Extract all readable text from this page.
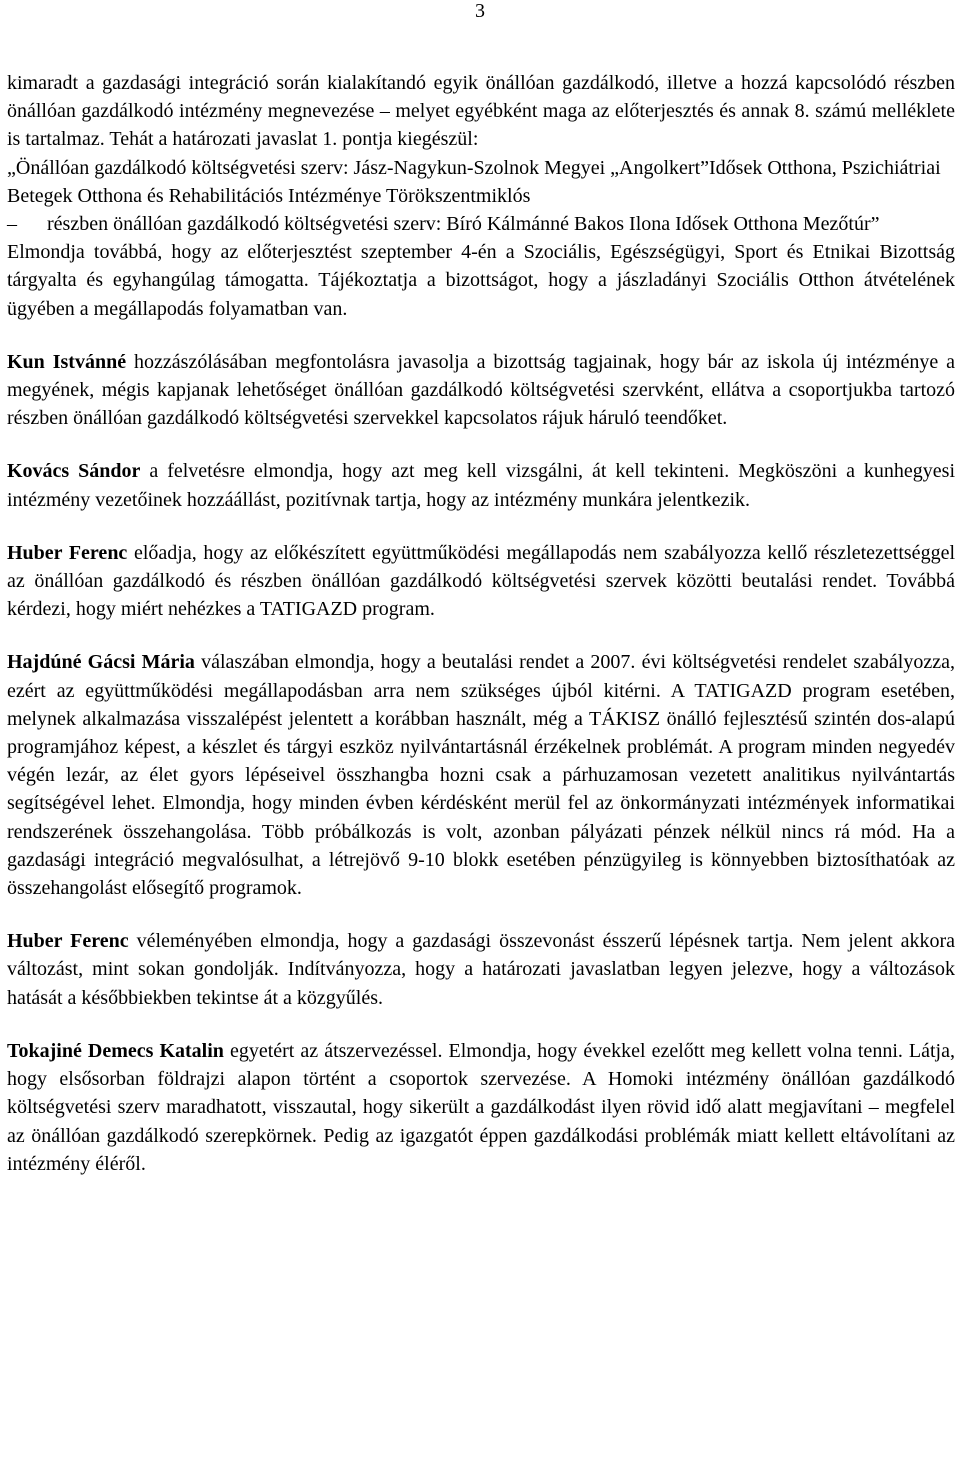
3

kimaradt a gazdasági integráció során kialakítandó egyik önállóan gazdálkodó, illetve a hozzá kapcsolódó részben önállóan gazdálkodó intézmény megnevezése – melyet egyébként maga az előterjesztés és annak 8. számú melléklete is tartalmaz. Tehát a határozati javaslat 1. pontja kiegészül:

„Önállóan gazdálkodó költségvetési szerv: Jász-Nagykun-Szolnok Megyei „Angolkert”Idősek Otthona, Pszichiátriai Betegek Otthona és Rehabilitációs Intézménye Törökszentmiklós

–	részben önállóan gazdálkodó költségvetési szerv: Bíró Kálmánné Bakos Ilona Idősek Otthona Mezőtúr”

Elmondja továbbá, hogy az előterjesztést szeptember 4-én a Szociális, Egészségügyi, Sport és Etnikai Bizottság tárgyalta és egyhangúlag támogatta. Tájékoztatja a bizottságot, hogy a jászladányi Szociális Otthon átvételének ügyében a megállapodás folyamatban van.

Kun Istvánné hozzászólásában megfontolásra javasolja a bizottság tagjainak, hogy bár az iskola új intézménye a megyének, mégis kapjanak lehetőséget önállóan gazdálkodó költségvetési szervként, ellátva a csoportjukba tartozó részben önállóan gazdálkodó költségvetési szervekkel kapcsolatos rájuk háruló teendőket.

Kovács Sándor a felvetésre elmondja, hogy azt meg kell vizsgálni, át kell tekinteni. Megköszöni a kunhegyesi intézmény vezetőinek hozzáállást, pozitívnak tartja, hogy az intézmény munkára jelentkezik.

Huber Ferenc előadja, hogy az előkészített együttműködési megállapodás nem szabályozza kellő részletezettséggel az önállóan gazdálkodó és részben önállóan gazdálkodó költségvetési szervek közötti beutalási rendet. Továbbá kérdezi, hogy miért nehézkes a TATIGAZD program.

Hajdúné Gácsi Mária válaszában elmondja, hogy a beutalási rendet a 2007. évi költségvetési rendelet szabályozza, ezért az együttműködési megállapodásban arra nem szükséges újból kitérni. A TATIGAZD program esetében, melynek alkalmazása visszalépést jelentett a korábban használt, még a TÁKISZ önálló fejlesztésű szintén dos-alapú programjához képest, a készlet és tárgyi eszköz nyilvántartásnál érzékelnek problémát. A program minden negyedév végén lezár, az élet gyors lépéseivel összhangba hozni csak a párhuzamosan vezetett analitikus nyilvántartás segítségével lehet. Elmondja, hogy minden évben kérdésként merül fel az önkormányzati intézmények informatikai rendszerének összehangolása. Több próbálkozás is volt, azonban pályázati pénzek nélkül nincs rá mód. Ha a gazdasági integráció megvalósulhat, a létrejövő 9-10 blokk esetében pénzügyileg is könnyebben biztosíthatóak az összehangolást elősegítő programok.

Huber Ferenc véleményében elmondja, hogy a gazdasági összevonást ésszerű lépésnek tartja. Nem jelent akkora változást, mint sokan gondolják. Indítványozza, hogy a határozati javaslatban legyen jelezve, hogy a változások hatását a későbbiekben tekintse át a közgyűlés.

Tokajiné Demecs Katalin egyetért az átszervezéssel. Elmondja, hogy évekkel ezelőtt meg kellett volna tenni. Látja, hogy elsősorban földrajzi alapon történt a csoportok szervezése. A Homoki intézmény önállóan gazdálkodó költségvetési szerv maradhatott, visszautal, hogy sikerült a gazdálkodást ilyen rövid idő alatt megjavítani – megfelel az önállóan gazdálkodó szerepkörnek. Pedig az igazgatót éppen gazdálkodási problémák miatt kellett eltávolítani az intézmény éléről.
